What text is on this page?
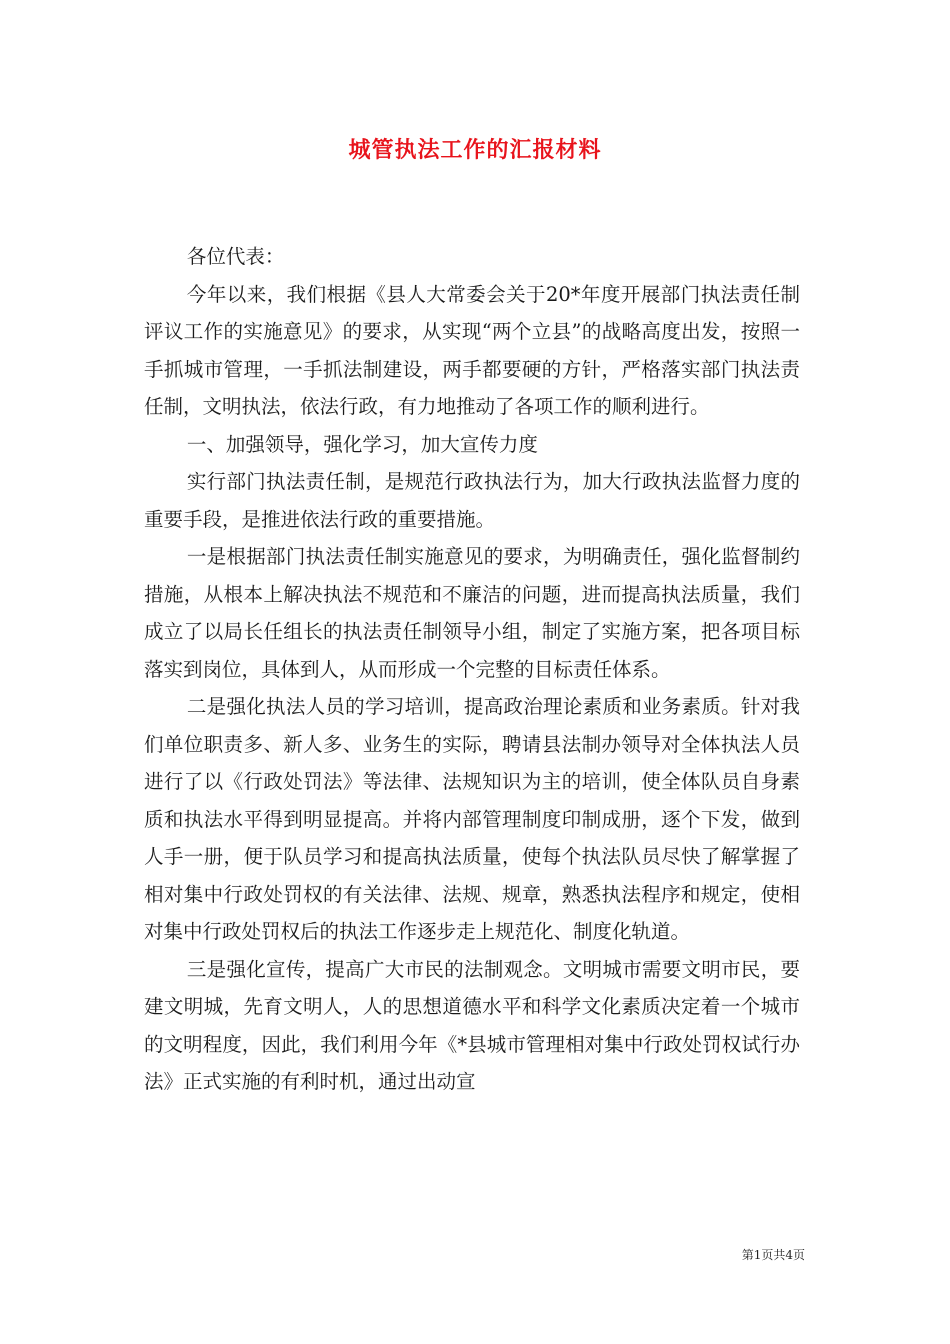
城管执法工作的汇报材料

各位代表：

今年以来，我们根据《县人大常委会关于20*年度开展部门执法责任制评议工作的实施意见》的要求，从实现“两个立县”的战略高度出发，按照一手抓城市管理，一手抓法制建设，两手都要硬的方针，严格落实部门执法责任制，文明执法，依法行政，有力地推动了各项工作的顺利进行。

一、加强领导，强化学习，加大宣传力度

实行部门执法责任制，是规范行政执法行为，加大行政执法监督力度的重要手段，是推进依法行政的重要措施。

一是根据部门执法责任制实施意见的要求，为明确责任，强化监督制约措施，从根本上解决执法不规范和不廉洁的问题，进而提高执法质量，我们成立了以局长任组长的执法责任制领导小组，制定了实施方案，把各项目标落实到岗位，具体到人，从而形成一个完整的目标责任体系。

二是强化执法人员的学习培训，提高政治理论素质和业务素质。针对我们单位职责多、新人多、业务生的实际，聘请县法制办领导对全体执法人员进行了以《行政处罚法》等法律、法规知识为主的培训，使全体队员自身素质和执法水平得到明显提高。并将内部管理制度印制成册，逐个下发，做到人手一册，便于队员学习和提高执法质量，使每个执法队员尽快了解掌握了相对集中行政处罚权的有关法律、法规、规章，熟悉执法程序和规定，使相对集中行政处罚权后的执法工作逐步走上规范化、制度化轨道。

三是强化宣传，提高广大市民的法制观念。文明城市需要文明市民，要建文明城，先育文明人，人的思想道德水平和科学文化素质决定着一个城市的文明程度，因此，我们利用今年《*县城市管理相对集中行政处罚权试行办法》正式实施的有利时机，通过出动宣

第1页共4页
